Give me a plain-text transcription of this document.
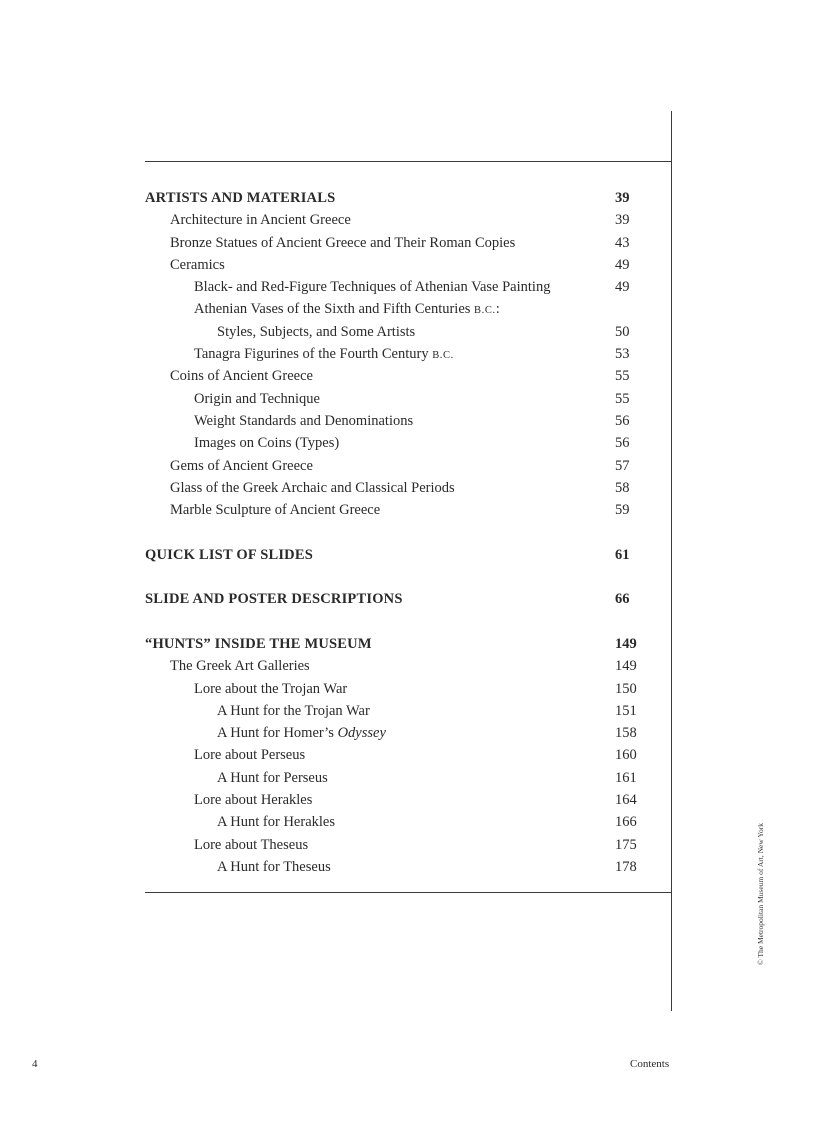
ARTISTS AND MATERIALS	39
Architecture in Ancient Greece	39
Bronze Statues of Ancient Greece and Their Roman Copies	43
Ceramics	49
Black- and Red-Figure Techniques of Athenian Vase Painting	49
Athenian Vases of the Sixth and Fifth Centuries B.C.:
Styles, Subjects, and Some Artists	50
Tanagra Figurines of the Fourth Century B.C.	53
Coins of Ancient Greece	55
Origin and Technique	55
Weight Standards and Denominations	56
Images on Coins (Types)	56
Gems of Ancient Greece	57
Glass of the Greek Archaic and Classical Periods	58
Marble Sculpture of Ancient Greece	59
QUICK LIST OF SLIDES	61
SLIDE AND POSTER DESCRIPTIONS	66
“HUNTS” INSIDE THE MUSEUM	149
The Greek Art Galleries	149
Lore about the Trojan War	150
A Hunt for the Trojan War	151
A Hunt for Homer’s Odyssey	158
Lore about Perseus	160
A Hunt for Perseus	161
Lore about Herakles	164
A Hunt for Herakles	166
Lore about Theseus	175
A Hunt for Theseus	178	© The Metropolitan Museum of Art, New York
4	Contents
